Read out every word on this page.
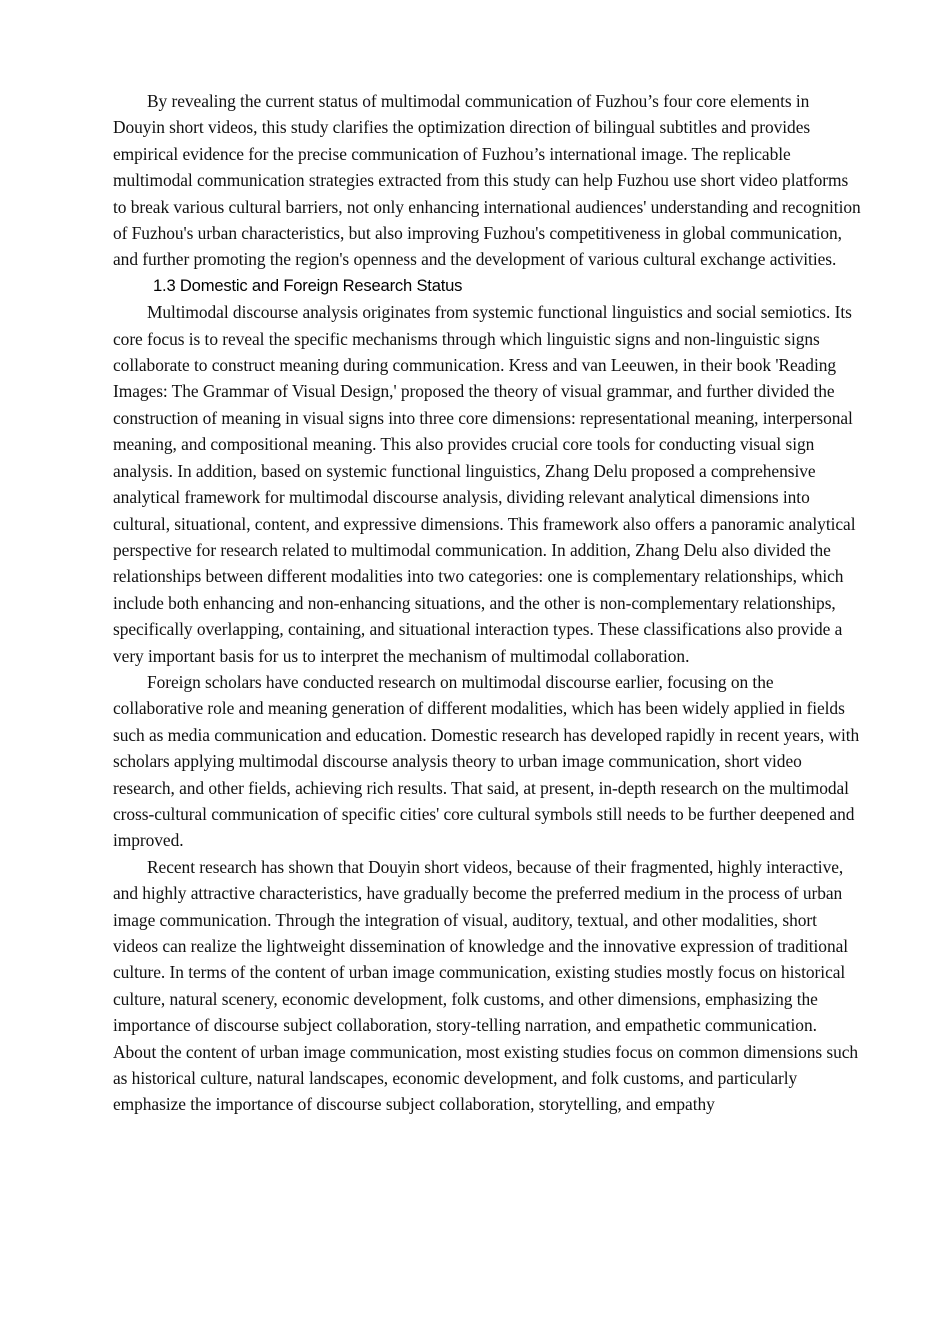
By revealing the current status of multimodal communication of Fuzhou’s four core elements in Douyin short videos, this study clarifies the optimization direction of bilingual subtitles and provides empirical evidence for the precise communication of Fuzhou’s international image. The replicable multimodal communication strategies extracted from this study can help Fuzhou use short video platforms to break various cultural barriers, not only enhancing international audiences' understanding and recognition of Fuzhou's urban characteristics, but also improving Fuzhou's competitiveness in global communication, and further promoting the region's openness and the development of various cultural exchange activities.

1.3 Domestic and Foreign Research Status

Multimodal discourse analysis originates from systemic functional linguistics and social semiotics. Its core focus is to reveal the specific mechanisms through which linguistic signs and non-linguistic signs collaborate to construct meaning during communication. Kress and van Leeuwen, in their book 'Reading Images: The Grammar of Visual Design,' proposed the theory of visual grammar, and further divided the construction of meaning in visual signs into three core dimensions: representational meaning, interpersonal meaning, and compositional meaning. This also provides crucial core tools for conducting visual sign analysis. In addition, based on systemic functional linguistics, Zhang Delu proposed a comprehensive analytical framework for multimodal discourse analysis, dividing relevant analytical dimensions into cultural, situational, content, and expressive dimensions. This framework also offers a panoramic analytical perspective for research related to multimodal communication. In addition, Zhang Delu also divided the relationships between different modalities into two categories: one is complementary relationships, which include both enhancing and non-enhancing situations, and the other is non-complementary relationships, specifically overlapping, containing, and situational interaction types. These classifications also provide a very important basis for us to interpret the mechanism of multimodal collaboration.

Foreign scholars have conducted research on multimodal discourse earlier, focusing on the collaborative role and meaning generation of different modalities, which has been widely applied in fields such as media communication and education. Domestic research has developed rapidly in recent years, with scholars applying multimodal discourse analysis theory to urban image communication, short video research, and other fields, achieving rich results. That said, at present, in-depth research on the multimodal cross-cultural communication of specific cities' core cultural symbols still needs to be further deepened and improved.

Recent research has shown that Douyin short videos, because of their fragmented, highly interactive, and highly attractive characteristics, have gradually become the preferred medium in the process of urban image communication. Through the integration of visual, auditory, textual, and other modalities, short videos can realize the lightweight dissemination of knowledge and the innovative expression of traditional culture. In terms of the content of urban image communication, existing studies mostly focus on historical culture, natural scenery, economic development, folk customs, and other dimensions, emphasizing the importance of discourse subject collaboration, story-telling narration, and empathetic communication. About the content of urban image communication, most existing studies focus on common dimensions such as historical culture, natural landscapes, economic development, and folk customs, and particularly emphasize the importance of discourse subject collaboration, storytelling, and empathy
